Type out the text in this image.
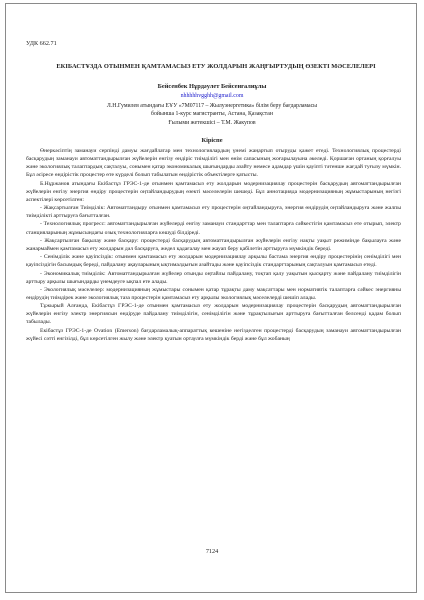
УДК 662.71
ЕКІБАСТҰЗДА ОТЫНМЕН ҚАМТАМАСЫЗ ЕТУ ЖОЛДАРЫН ЖАҢҒЫРТУДЫҢ ӨЗЕКТІ МӘСЕЛЕЛЕРІ
Бейсенбек Нұрдәулет Бейсенғалиұлы
nhhhhhvgghh@gmail.com
Л.Н.Гумилев атындағы ЕҰУ «7М07117 – Жылуэнергетика» білім беру бағдарламасы
бойынша 1-курс магистранты, Астана, Қазақстан
Ғылыми жетекшісі – Т.М. Жакупов
Кіріспе

Өнеркәсіптің заманауи серпінді дамуы жағдайлатар мен технологиялардың үнемі жаңартып отыруды қажет етеді. Технологиялық процестерді басқарудың заманауи автоматтандырылған жүйелерін енгізу өндіріс тиімділігі мен өнім сапасының жоғарылауына әкеледі. Қоршаған ортаның қорғалуы және экологиялық талаптардың сақталуы, сонымен қатар экономикалық шығындарды азайту немесе адамдар үшін қауіпті тәтенше жағдай туғызу мүмкін. Бұл әсіресе өндірістік процестер өте күрделі болып табылатын өндірістік объектілерге қатысты.

Б.Нұржанов атындағы Екібастұз ГРЭС-1-де отынмен қамтамасыз ету жолдарын модернизациялау процестерін басқарудың автоматтандырылған жүйелерін енгізу энергия өндіру процестерін оңтайландырудың өзекті мәселелерін шешеді. Бұл аннотацияда модернизацияның жұмыстарының негізгі аспектілері көрсетілген:

- Жақсартылған Тиімділік: Автоматтандыру отынмен қамтамасыз ету процестерін оңтайландыруға, энергия өндірудің оңтайландыруға және жалпы тиімділікті арттыруға бағытталған.

- Технологиялық прогресс: автоматтандырылған жүйелерді енгізу заманауи стандарттар мен талаптарға сәйкестігін қамтамасыз ете отырып, электр станцияларының жұмысындағы озық технологияларға көшуді білдіреді.

- Жақсартылған бақылау және басқару: процестерді басқарудың автоматтандырылған жүйелерін енгізу нақты уақыт режимінде бақылауға және жанармаймен қамтамасыз ету жолдарын дәл басқаруға, жедел қадағалау мен жауап беру қабілетін арттыруға мүмкіндік береді.

- Сенімділік және қауіпсіздік: отынмен қамтамасыз ету жолдарын модернизациялау арқылы бастама энергия өндіру процестерінің сенімділігі мен қауіпсіздігін басымдық береді, пайдалану ақауларының ықтималдығын азайтады және қауіпсіздік стандарттарының сақталуын қамтамасыз етеді.

- Экономикалық тиімділік: Автоматтандырылған жүйелер отынды оңтайлы пайдалану, тоқтап қалу уақытын қысқарту және пайдалану тиімділігін арттыру арқылы шығындарды үнемдеуге ықпал ете алады.

- Экологиялық мәселелер: модернизацияның жұмыстары сонымен қатар тұрақты даму мақсаттары мен нормативтік талаптарға сәйкес энергияны өндірудің тиімдірек және экологиялық таза процестерін қамтамасыз ету арқылы экологиялық мәселелерді шешіп алады.

Тұжырый Алғанда, Екібастұз ГРЭС-1-де отынмен қамтамасыз ету жолдарын модернизациялау процестерін басқарудың автоматтандырылған жүйелерін енгізу электр энергиясын өндіруде пайдалану тиімділігін, сенімділігін және тұрақтылығын арттыруға бағытталған белсенді қадам болып табылады.

Екібастұз ГРЭС-1-де Ovation (Emerson) бағдарламалық-аппараттық кешеніне негізделген процестерді басқарудың заманауи автоматтандырылған жүйесі сәтті енгізілді, бұл көрсетілген жылу және электр қуатын ортаулға мүмкіндік берді және бұл жобаның

7124
